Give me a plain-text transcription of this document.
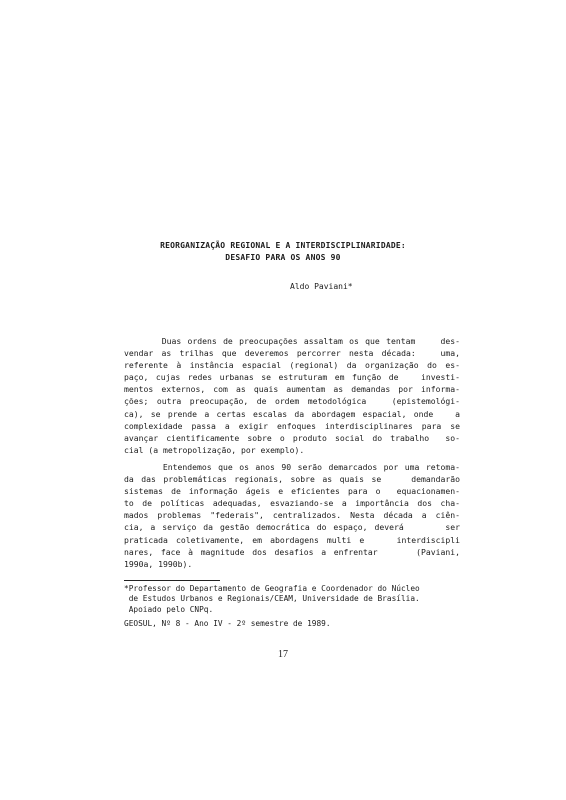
REORGANIZAÇÃO REGIONAL E A INTERDISCIPLINARIDADE:
DESAFIO PARA OS ANOS 90
Aldo Paviani*
Duas ordens de preocupações assaltam os que tentam    des-
vendar as trilhas que deveremos percorrer nesta década:   uma,
referente à instância espacial (regional) da organização do es-
paço, cujas redes urbanas se estruturam em função de   investi-
mentos externos, com as quais aumentam as demandas por informa-
ções; outra preocupação, de ordem metodológica   (epistemológi-
ca), se prende a certas escalas da abordagem espacial, onde   a
complexidade passa a exigir enfoques interdisciplinares para se
avançar cientificamente sobre o produto social do trabalho  so-
cial (a metropolização, por exemplo).
Entendemos que os anos 90 serão demarcados por uma retoma-
da das problemáticas regionais, sobre as quais se    demandarão
sistemas de informação ágeis e eficientes para o  equacionamen-
to de políticas adequadas, esvaziando-se a importância dos cha-
mados problemas "federais", centralizados. Nesta década a ciên-
cia, a serviço da gestão democrática do espaço, deverá      ser
praticada coletivamente, em abordagens multi e    interdiscipli
nares, face à magnitude dos desafios a enfrentar     (Paviani,
1990a, 1990b).
*Professor do Departamento de Geografia e Coordenador do Núcleo
de Estudos Urbanos e Regionais/CEAM, Universidade de Brasília.
Apoiado pelo CNPq.
GEOSUL, Nº 8 - Ano IV - 2º semestre de 1989.
17
